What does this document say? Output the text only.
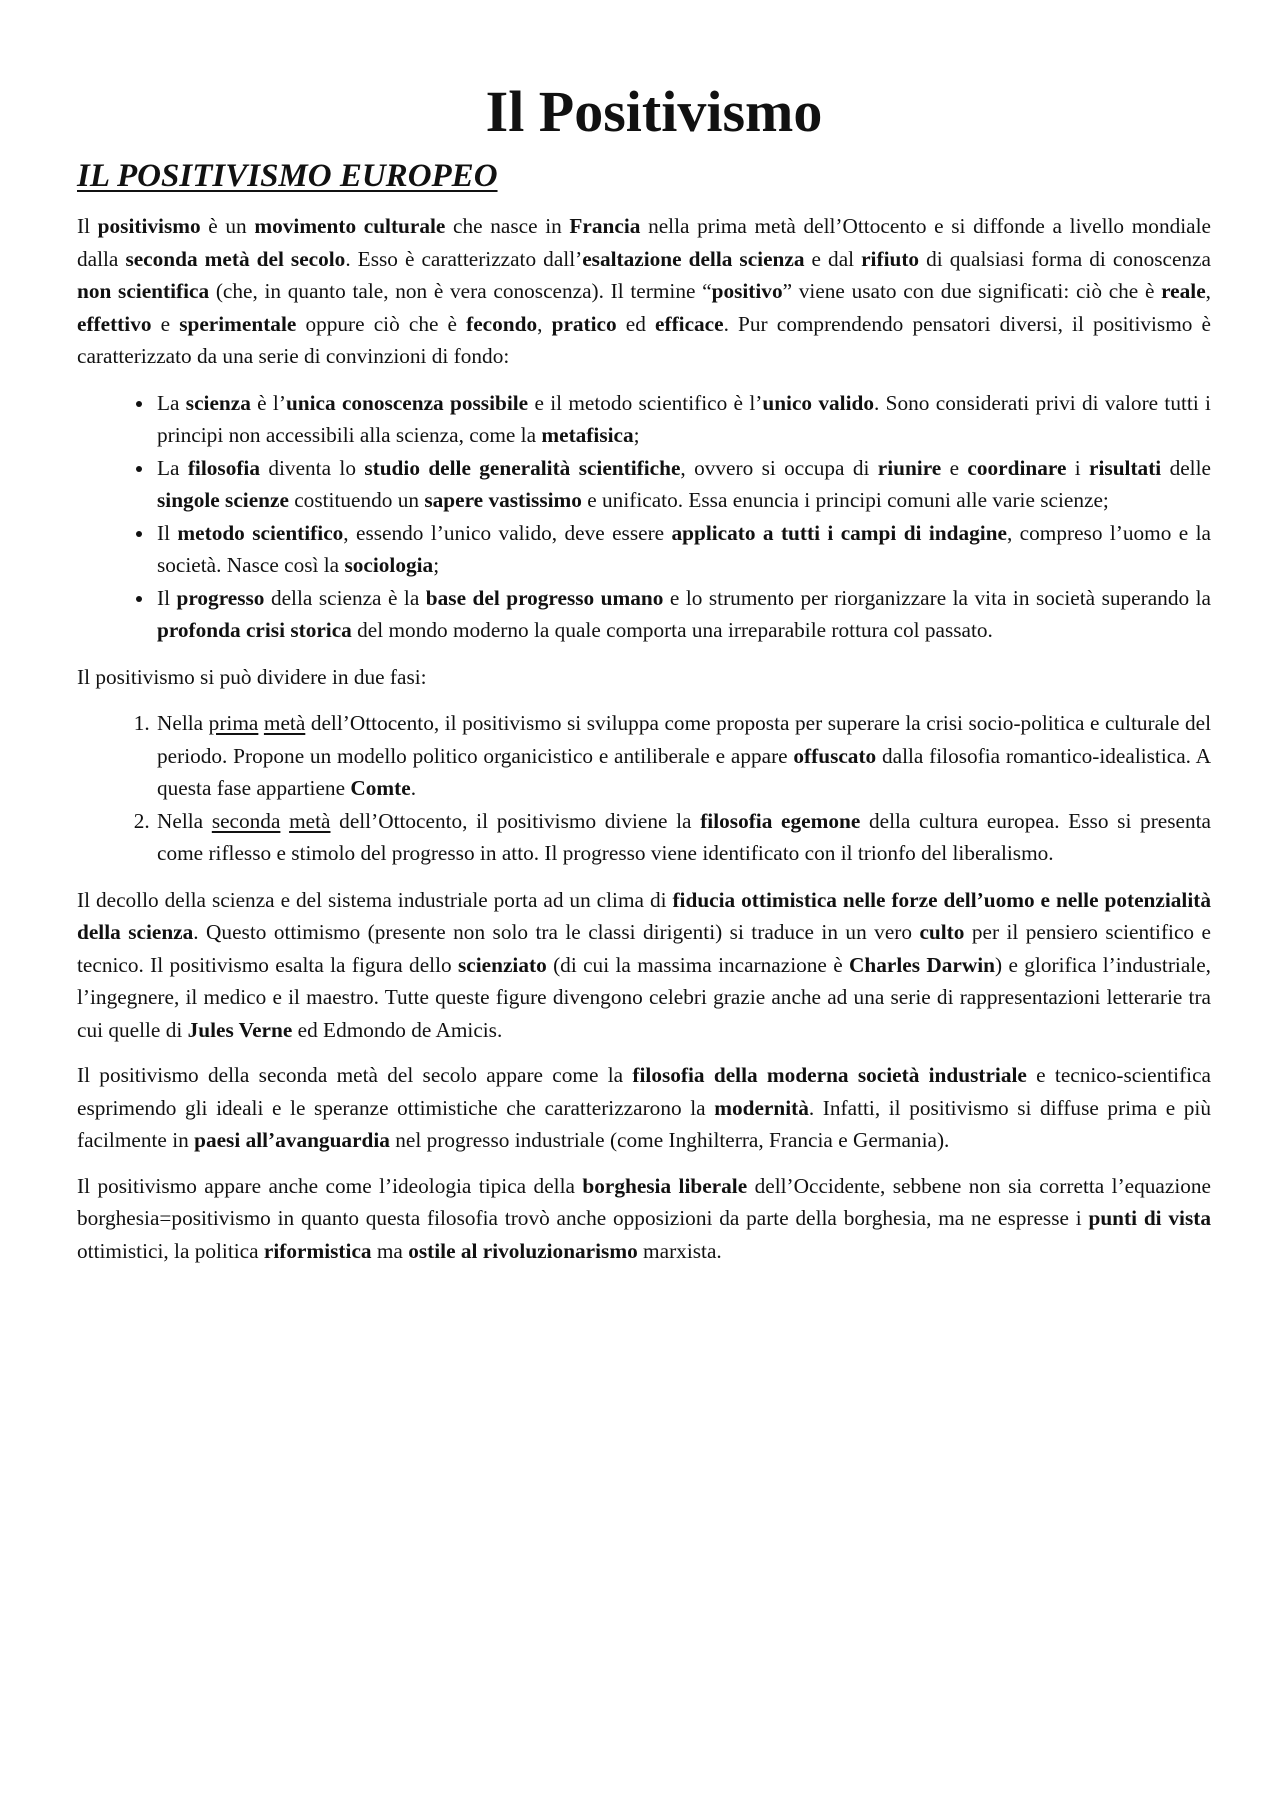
Il Positivismo
IL POSITIVISMO EUROPEO

Il positivismo è un movimento culturale che nasce in Francia nella prima metà dell’Ottocento e si diffonde a livello mondiale dalla seconda metà del secolo. Esso è caratterizzato dall’esaltazione della scienza e dal rifiuto di qualsiasi forma di conoscenza non scientifica (che, in quanto tale, non è vera conoscenza). Il termine “positivo” viene usato con due significati: ciò che è reale, effettivo e sperimentale oppure ciò che è fecondo, pratico ed efficace. Pur comprendendo pensatori diversi, il positivismo è caratterizzato da una serie di convinzioni di fondo:

• La scienza è l’unica conoscenza possibile e il metodo scientifico è l’unico valido. Sono considerati privi di valore tutti i principi non accessibili alla scienza, come la metafisica;
• La filosofia diventa lo studio delle generalità scientifiche, ovvero si occupa di riunire e coordinare i risultati delle singole scienze costituendo un sapere vastissimo e unificato. Essa enuncia i principi comuni alle varie scienze;
• Il metodo scientifico, essendo l’unico valido, deve essere applicato a tutti i campi di indagine, compreso l’uomo e la società. Nasce così la sociologia;
• Il progresso della scienza è la base del progresso umano e lo strumento per riorganizzare la vita in società superando la profonda crisi storica del mondo moderno la quale comporta una irreparabile rottura col passato.

Il positivismo si può dividere in due fasi:

1. Nella prima metà dell’Ottocento, il positivismo si sviluppa come proposta per superare la crisi socio-politica e culturale del periodo. Propone un modello politico organicistico e antiliberale e appare offuscato dalla filosofia romantico-idealistica. A questa fase appartiene Comte.
2. Nella seconda metà dell’Ottocento, il positivismo diviene la filosofia egemone della cultura europea. Esso si presenta come riflesso e stimolo del progresso in atto. Il progresso viene identificato con il trionfo del liberalismo.

Il decollo della scienza e del sistema industriale porta ad un clima di fiducia ottimistica nelle forze dell’uomo e nelle potenzialità della scienza. Questo ottimismo (presente non solo tra le classi dirigenti) si traduce in un vero culto per il pensiero scientifico e tecnico. Il positivismo esalta la figura dello scienziato (di cui la massima incarnazione è Charles Darwin) e glorifica l’industriale, l’ingegnere, il medico e il maestro. Tutte queste figure divengono celebri grazie anche ad una serie di rappresentazioni letterarie tra cui quelle di Jules Verne ed Edmondo de Amicis.

Il positivismo della seconda metà del secolo appare come la filosofia della moderna società industriale e tecnico-scientifica esprimendo gli ideali e le speranze ottimistiche che caratterizzarono la modernità. Infatti, il positivismo si diffuse prima e più facilmente in paesi all’avanguardia nel progresso industriale (come Inghilterra, Francia e Germania).

Il positivismo appare anche come l’ideologia tipica della borghesia liberale dell’Occidente, sebbene non sia corretta l’equazione borghesia=positivismo in quanto questa filosofia trovò anche opposizioni da parte della borghesia, ma ne espresse i punti di vista ottimistici, la politica riformistica ma ostile al rivoluzionarismo marxista.
